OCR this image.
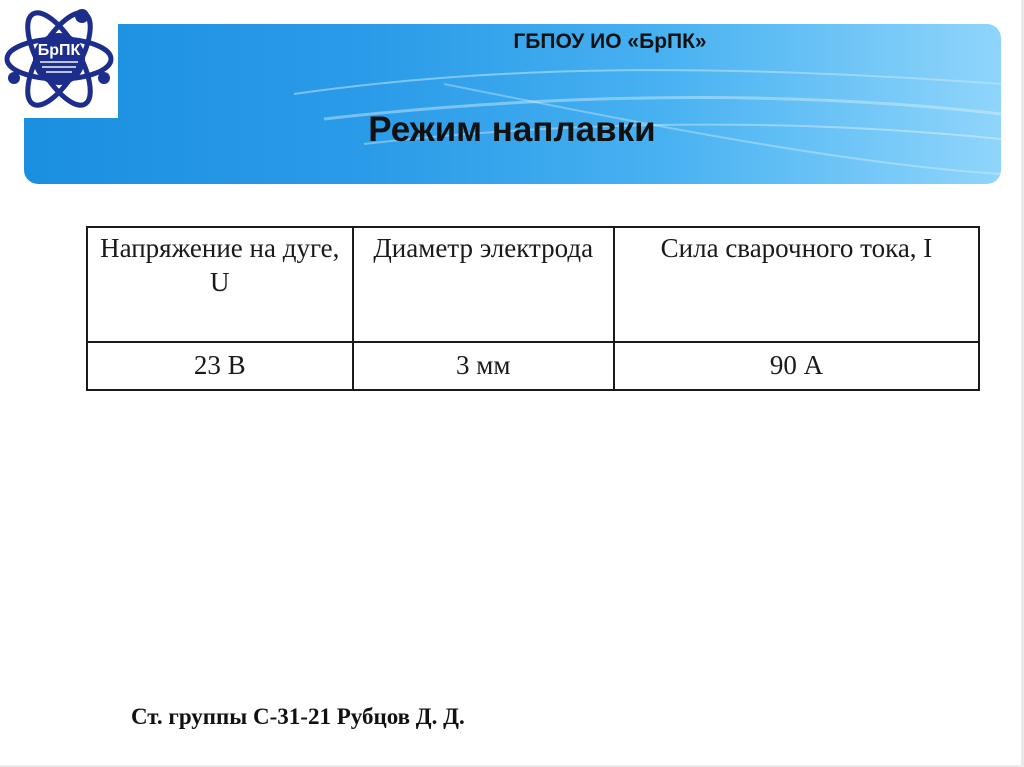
БрПК	ГБПОУ ИО «БрПК»
Режим наплавки
Напряжение на дуге, U	Диаметр электрода	Сила сварочного тока, I
23 В	3 мм	90 А
Ст. группы С-31-21 Рубцов Д. Д.
